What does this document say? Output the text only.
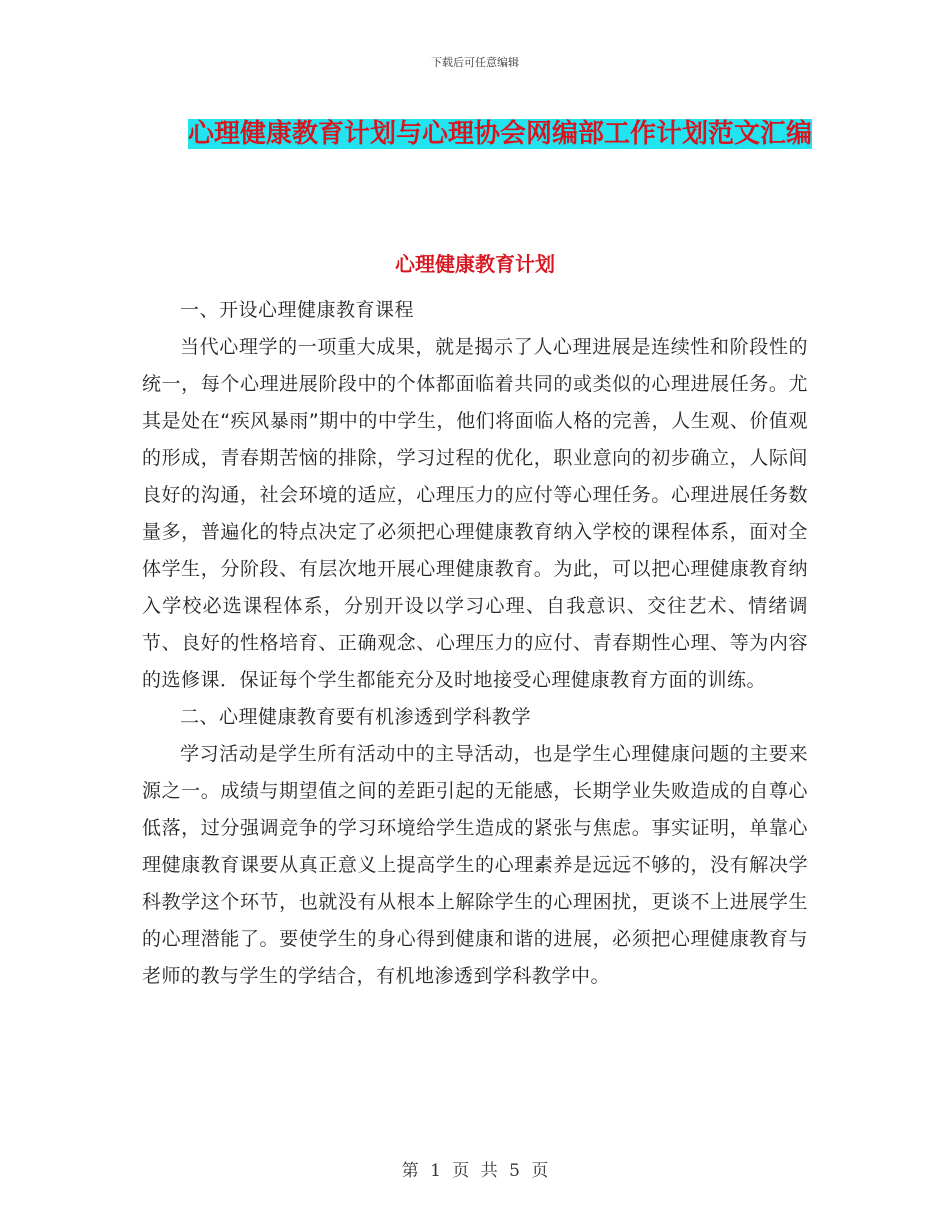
下载后可任意编辑
心理健康教育计划与心理协会网编部工作计划范文汇编
心理健康教育计划

一、开设心理健康教育课程

当代心理学的一项重大成果，就是揭示了人心理进展是连续性和阶段性的统一，每个心理进展阶段中的个体都面临着共同的或类似的心理进展任务。尤其是处在“疾风暴雨”期中的中学生，他们将面临人格的完善，人生观、价值观的形成，青春期苦恼的排除，学习过程的优化，职业意向的初步确立，人际间良好的沟通，社会环境的适应，心理压力的应付等心理任务。心理进展任务数量多，普遍化的特点决定了必须把心理健康教育纳入学校的课程体系，面对全体学生，分阶段、有层次地开展心理健康教育。为此，可以把心理健康教育纳入学校必选课程体系，分别开设以学习心理、自我意识、交往艺术、情绪调节、良好的性格培育、正确观念、心理压力的应付、青春期性心理、等为内容的选修课．保证每个学生都能充分及时地接受心理健康教育方面的训练。

二、心理健康教育要有机渗透到学科教学

学习活动是学生所有活动中的主导活动，也是学生心理健康问题的主要来源之一。成绩与期望值之间的差距引起的无能感，长期学业失败造成的自尊心低落，过分强调竞争的学习环境给学生造成的紧张与焦虑。事实证明，单靠心理健康教育课要从真正意义上提高学生的心理素养是远远不够的，没有解决学科教学这个环节，也就没有从根本上解除学生的心理困扰，更谈不上进展学生的心理潜能了。要使学生的身心得到健康和谐的进展，必须把心理健康教育与老师的教与学生的学结合，有机地渗透到学科教学中。

第 1 页 共 5 页
